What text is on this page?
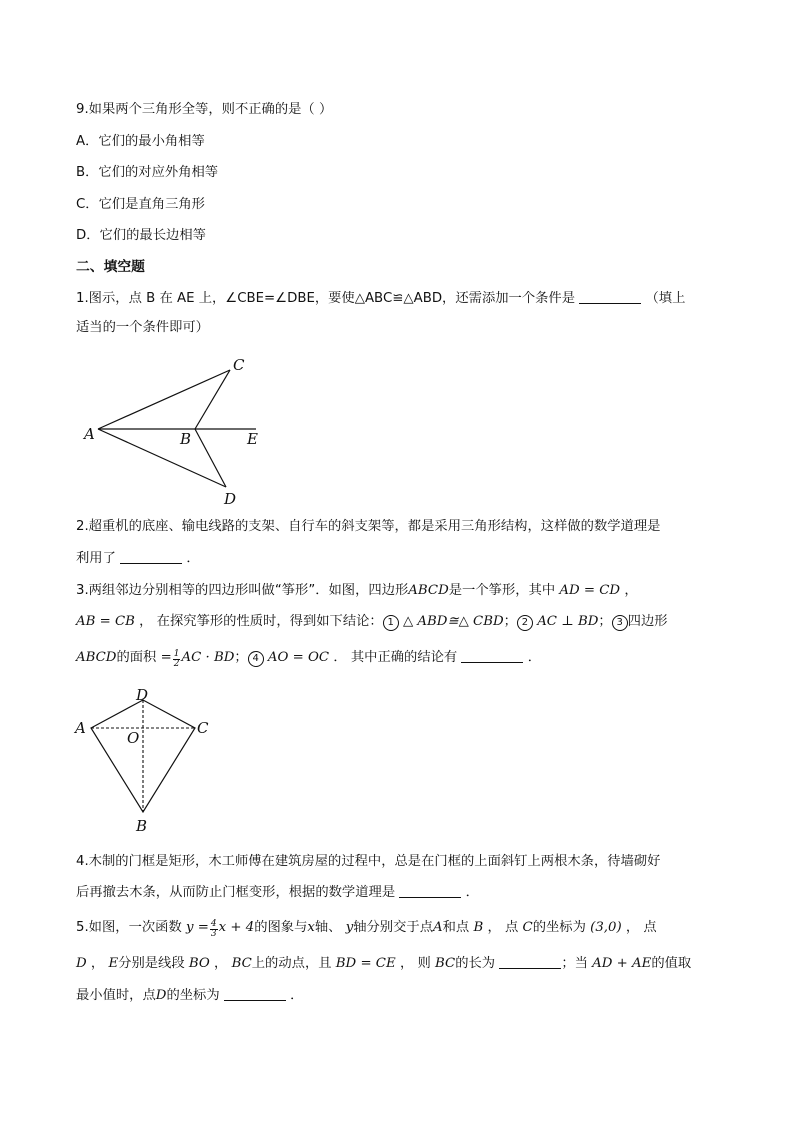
9.如果两个三角形全等，则不正确的是（ ）
A．它们的最小角相等
B．它们的对应外角相等
C．它们是直角三角形
D．它们的最长边相等
二、填空题
1.图示，点 B 在 AE 上，∠CBE=∠DBE，要使△ABC≌△ABD，还需添加一个条件是	（填上
适当的一个条件即可）
A	B
C
D
E
2.超重机的底座、输电线路的支架、自行车的斜支架等，都是采用三角形结构，这样做的数学道理是
利用了	．
3.两组邻边分别相等的四边形叫做“筝形”．如图，四边形ABCD是一个筝形，其中 AD = CD ，
AB = CB ， 在探究筝形的性质时，得到如下结论： 1 △ ABD≅△ CBD； 2 AC ⊥ BD； 3 四边形
ABCD的面积 = $\frac{1}{2}$ AC · BD； 4 AO = OC ． 其中正确的结论有	．
A
B
C
D
O
4.木制的门框是矩形，木工师傅在建筑房屋的过程中，总是在门框的上面斜钉上两根木条，待墙砌好
后再撤去木条，从而防止门框变形，根据的数学道理是	．
5.如图，一次函数 $y = \frac{4}{3}$ x + 4的图象与x轴、 y轴分别交于点A和点 B ， 点 C的坐标为 (3,0) ， 点
D ， E分别是线段 BO ， BC上的动点，且 BD = CE ， 则 BC的长为	；当 AD + AE的值取
最小值时，点D的坐标为	．
